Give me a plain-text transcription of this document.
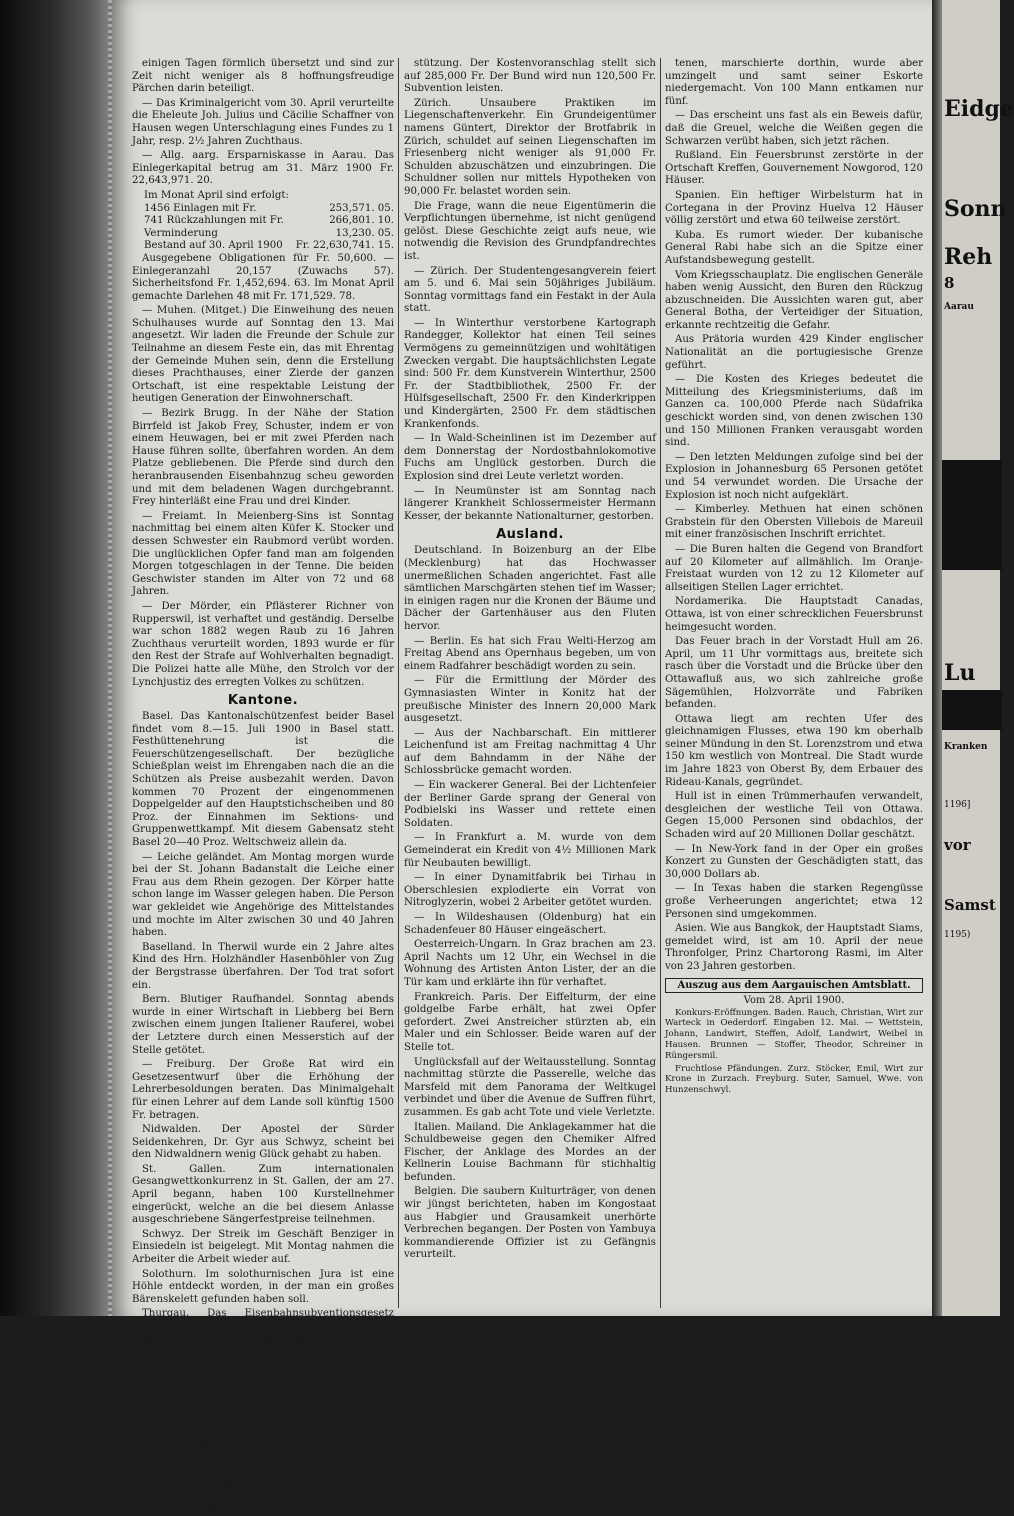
einigen Tagen förmlich übersetzt und sind zur Zeit nicht weniger als 8 hoffnungsfreudige Pärchen darin beteiligt.

— Das Kriminalgericht vom 30. April verurteilte die Eheleute Joh. Julius und Cäcilie Schaffner von Hausen wegen Unterschlagung eines Fundes zu 1 Jahr, resp. 2½ Jahren Zuchthaus.

— Allg. aarg. Ersparniskasse in Aarau. Das Einlegerkapital betrug am 31. März 1900 Fr. 22,643,971. 20.

Im Monat April sind erfolgt:
1456 Einlagen mit Fr.	253,571. 05.
741 Rückzahlungen mit Fr.	266,801. 10.
Verminderung	13,230. 05.
Bestand auf 30. April 1900 Fr. 22,630,741. 15.

Ausgegebene Obligationen für Fr. 50,600. — Einlegeranzahl 20,157 (Zuwachs 57). Sicherheitsfond Fr. 1,452,694. 63. Im Monat April gemachte Darlehen 48 mit Fr. 171,529. 78.

— Muhen. (Mitget.) Die Einweihung des neuen Schulhauses wurde auf Sonntag den 13. Mai angesetzt. Wir laden die Freunde der Schule zur Teilnahme an diesem Feste ein, das mit Ehrentag der Gemeinde Muhen sein, denn die Erstellung dieses Prachthauses, einer Zierde der ganzen Ortschaft, ist eine respektable Leistung der heutigen Generation der Einwohnerschaft.

— Bezirk Brugg. In der Nähe der Station Birrfeld ist Jakob Frey, Schuster, indem er von einem Heuwagen, bei er mit zwei Pferden nach Hause führen sollte, überfahren worden. An dem Platze gebliebenen. Die Pferde sind durch den heranbrausenden Eisenbahnzug scheu geworden und mit dem beladenen Wagen durchgebrannt. Frey hinterläßt eine Frau und drei Kinder.

— Freiamt. In Meienberg-Sins ist Sonntag nachmittag bei einem alten Küfer K. Stocker und dessen Schwester ein Raubmord verübt worden. Die unglücklichen Opfer fand man am folgenden Morgen totgeschlagen in der Tenne. Die beiden Geschwister standen im Alter von 72 und 68 Jahren.

— Der Mörder, ein Pflästerer Richner von Rupperswil, ist verhaftet und geständig. Derselbe war schon 1882 wegen Raub zu 16 Jahren Zuchthaus verurteilt worden, 1893 wurde er für den Rest der Strafe auf Wohlverhalten begnadigt. Die Polizei hatte alle Mühe, den Strolch vor der Lynchjustiz des erregten Volkes zu schützen.

Kantone.

Basel. Das Kantonalschützenfest beider Basel findet vom 8.—15. Juli 1900 in Basel statt. Festhüttenehrung ist die Feuerschützengesellschaft. Der bezügliche Schießplan weist im Ehrengaben nach die an die Schützen als Preise ausbezahlt werden. Davon kommen 70 Prozent der eingenommenen Doppelgelder auf den Hauptstichscheiben und 80 Proz. der Einnahmen im Sektions- und Gruppenwettkampf. Mit diesem Gabensatz steht Basel 20—40 Proz. Weltschweiz allein da.

— Leiche geländet. Am Montag morgen wurde bei der St. Johann Badanstalt die Leiche einer Frau aus dem Rhein gezogen. Der Körper hatte schon lange im Wasser gelegen haben. Die Person war gekleidet wie Angehörige des Mittelstandes und mochte im Alter zwischen 30 und 40 Jahren haben.

Baselland. In Therwil wurde ein 2 Jahre altes Kind des Hrn. Holzhändler Hasenböhler von Zug der Bergstrasse überfahren. Der Tod trat sofort ein.

Bern. Blutiger Raufhandel. Sonntag abends wurde in einer Wirtschaft in Liebberg bei Bern zwischen einem jungen Italiener Rauferei, wobei der Letztere durch einen Messerstich auf der Stelle getötet.

— Freiburg. Der Große Rat wird ein Gesetzesentwurf über die Erhöhung der Lehrerbesoldungen beraten. Das Minimalgehalt für einen Lehrer auf dem Lande soll künftig 1500 Fr. betragen.

Nidwalden. Der Apostel der Sürder Seidenkehren, Dr. Gyr aus Schwyz, scheint bei den Nidwaldnern wenig Glück gehabt zu haben.

St. Gallen. Zum internationalen Gesangwettkonkurrenz in St. Gallen, der am 27. April begann, haben 100 Kurstellnehmer eingerückt, welche an die bei diesem Anlasse ausgeschriebene Sängerfestpreise teilnehmen.

Schwyz. Der Streik im Geschäft Benziger in Einsiedeln ist beigelegt. Mit Montag nahmen die Arbeiter die Arbeit wieder auf.

Solothurn. Im solothurnischen Jura ist eine Höhle entdeckt worden, in der man ein großes Bärenskelett gefunden haben soll.

Thurgau. Das Eisenbahnsubventionsgesetz wurde mit 7441 gegen 5697 Stimmen verworfen.

Waadt. Wenn es Forellen wären! In Moudon wurden letzter Tage an einem einzigen Nachmittage über 1000 Zentner Wellen gefangen, und zwar sowohl mit dem Netz, als mit den bloßen Händen.

— Das Spiel mit dem Schießgewehr hat wieder ein Opfer gefordert. In Chateau d'Oex gab ein 14jähriger Knabe, der mit einem Revolver spielte, einen Schuß ab, der ein Mädchen ins Gesicht traf.

Wallis. Das Dorf Turtmann wurde von Hochwasser in bedrohliche Gefahr gebracht. Die Gemeinde Turtmann beschloß sofort die Korrektion des Baches und Errichtung eines Dammes in Angriff zu nehmen.

stützung. Der Kostenvoranschlag stellt sich auf 285,000 Fr. Der Bund wird nun 120,500 Fr. Subvention leisten.

Zürich. Unsaubere Praktiken im Liegenschaftenverkehr. Ein Grundeigentümer namens Güntert, Direktor der Brotfabrik in Zürich, schuldet auf seinen Liegenschaften im Friesenberg nicht weniger als 91,000 Fr. Schulden abzuschätzen und einzubringen. Die Schuldner sollen nur mittels Hypotheken von 90,000 Fr. belastet worden sein.

Die Frage, wann die neue Eigentümerin die Verpflichtungen übernehme, ist nicht genügend gelöst. Diese Geschichte zeigt aufs neue, wie notwendig die Revision des Grundpfandrechtes ist.

— Zürich. Der Studentengesangverein feiert am 5. und 6. Mai sein 50jähriges Jubiläum. Sonntag vormittags fand ein Festakt in der Aula statt.

— In Winterthur verstorbene Kartograph Randegger, Kollektor hat einen Teil seines Vermögens zu gemeinnützigen und wohltätigen Zwecken vergabt. Die hauptsächlichsten Legate sind: 500 Fr. dem Kunstverein Winterthur, 2500 Fr. der Stadtbibliothek, 2500 Fr. der Hülfsgesellschaft, 2500 Fr. den Kinderkrippen und Kindergärten, 2500 Fr. dem städtischen Krankenfonds.

— In Wald-Scheinlinen ist im Dezember auf dem Donnerstag der Nordostbahnlokomotive Fuchs am Unglück gestorben. Durch die Explosion sind drei Leute verletzt worden.

— In Neumünster ist am Sonntag nach längerer Krankheit Schlossermeister Hermann Kesser, der bekannte Nationalturner, gestorben.

Ausland.

Deutschland. In Boizenburg an der Elbe (Mecklenburg) hat das Hochwasser unermeßlichen Schaden angerichtet. Fast alle sämtlichen Marschgärten stehen tief im Wasser; in einigen ragen nur die Kronen der Bäume und Dächer der Gartenhäuser aus den Fluten hervor.

— Berlin. Es hat sich Frau Welti-Herzog am Freitag Abend ans Opernhaus begeben, um von einem Radfahrer beschädigt worden zu sein.

— Für die Ermittlung der Mörder des Gymnasiasten Winter in Konitz hat der preußische Minister des Innern 20,000 Mark ausgesetzt.

— Aus der Nachbarschaft. Ein mittlerer Leichenfund ist am Freitag nachmittag 4 Uhr auf dem Bahndamm in der Nähe der Schlossbrücke gemacht worden.

— Ein wackerer General. Bei der Lichtenfeier der Berliner Garde sprang der General von Podbielski ins Wasser und rettete einen Soldaten.

— In Frankfurt a. M. wurde von dem Gemeinderat ein Kredit von 4½ Millionen Mark für Neubauten bewilligt.

— In einer Dynamitfabrik bei Tirhau in Oberschlesien explodierte ein Vorrat von Nitroglyzerin, wobei 2 Arbeiter getötet wurden.

— In Wildeshausen (Oldenburg) hat ein Schadenfeuer 80 Häuser eingeäschert.

Oesterreich-Ungarn. In Graz brachen am 23. April Nachts um 12 Uhr, ein Wechsel in die Wohnung des Artisten Anton Lister, der an die Tür kam und erklärte ihn für verhaftet.

Frankreich. Paris. Der Eiffelturm, der eine goldgelbe Farbe erhält, hat zwei Opfer gefordert. Zwei Anstreicher stürzten ab, ein Maler und ein Schlosser. Beide waren auf der Stelle tot.

Unglücksfall auf der Weltausstellung. Sonntag nachmittag stürzte die Passerelle, welche das Marsfeld mit dem Panorama der Weltkugel verbindet und über die Avenue de Suffren führt, zusammen. Es gab acht Tote und viele Verletzte.

Italien. Mailand. Die Anklagekammer hat die Schuldbeweise gegen den Chemiker Alfred Fischer, der Anklage des Mordes an der Kellnerin Louise Bachmann für stichhaltig befunden.

Belgien. Die saubern Kulturträger, von denen wir jüngst berichteten, haben im Kongostaat aus Habgier und Grausamkeit unerhörte Verbrechen begangen. Der Posten von Yambuya kommandierende Offizier ist zu Gefängnis verurteilt.

tenen, marschierte dorthin, wurde aber umzingelt und samt seiner Eskorte niedergemacht. Von 100 Mann entkamen nur fünf.

— Das erscheint uns fast als ein Beweis dafür, daß die Greuel, welche die Weißen gegen die Schwarzen verübt haben, sich jetzt rächen.

Rußland. Ein Feuersbrunst zerstörte in der Ortschaft Kreffen, Gouvernement Nowgorod, 120 Häuser.

Spanien. Ein heftiger Wirbelsturm hat in Cortegana in der Provinz Huelva 12 Häuser völlig zerstört und etwa 60 teilweise zerstört.

Kuba. Es rumort wieder. Der kubanische General Rabi habe sich an die Spitze einer Aufstandsbewegung gestellt.

Vom Kriegsschauplatz. Die englischen Generäle haben wenig Aussicht, den Buren den Rückzug abzuschneiden. Die Aussichten waren gut, aber General Botha, der Verteidiger der Situation, erkannte rechtzeitig die Gefahr.

Aus Prätoria wurden 429 Kinder englischer Nationalität an die portugiesische Grenze geführt.

— Die Kosten des Krieges bedeutet die Mitteilung des Kriegsministeriums, daß im Ganzen ca. 100,000 Pferde nach Südafrika geschickt worden sind, von denen zwischen 130 und 150 Millionen Franken verausgabt worden sind.

— Den letzten Meldungen zufolge sind bei der Explosion in Johannesburg 65 Personen getötet und 54 verwundet worden. Die Ursache der Explosion ist noch nicht aufgeklärt.

— Kimberley. Methuen hat einen schönen Grabstein für den Obersten Villebois de Mareuil mit einer französischen Inschrift errichtet.

— Die Buren halten die Gegend von Brandfort auf 20 Kilometer auf allmählich. Im Oranje-Freistaat wurden von 12 zu 12 Kilometer auf allseitigen Stellen Lager errichtet.

Nordamerika. Die Hauptstadt Canadas, Ottawa, ist von einer schrecklichen Feuersbrunst heimgesucht worden.

Das Feuer brach in der Vorstadt Hull am 26. April, um 11 Uhr vormittags aus, breitete sich rasch über die Vorstadt und die Brücke über den Ottawafluß aus, wo sich zahlreiche große Sägemühlen, Holzvorräte und Fabriken befanden.

Ottawa liegt am rechten Ufer des gleichnamigen Flusses, etwa 190 km oberhalb seiner Mündung in den St. Lorenzstrom und etwa 150 km westlich von Montreal. Die Stadt wurde im Jahre 1823 von Oberst By, dem Erbauer des Rideau-Kanals, gegründet.

Hull ist in einen Trümmerhaufen verwandelt, desgleichen der westliche Teil von Ottawa. Gegen 15,000 Personen sind obdachlos, der Schaden wird auf 20 Millionen Dollar geschätzt.

— In New-York fand in der Oper ein großes Konzert zu Gunsten der Geschädigten statt, das 30,000 Dollars ab.

— In Texas haben die starken Regengüsse große Verheerungen angerichtet; etwa 12 Personen sind umgekommen.

Asien. Wie aus Bangkok, der Hauptstadt Siams, gemeldet wird, ist am 10. April der neue Thronfolger, Prinz Chartorong Rasmi, im Alter von 23 Jahren gestorben.

Auszug aus dem Aargauischen Amtsblatt.
Vom 28. April 1900.

Konkurs-Eröffnungen. Baden. Rauch, Christian, Wirt zur Warteck in Oederdorf. Eingaben 12. Mai. — Wettstein, Johann, Landwirt, Steffen, Adolf, Landwirt, Weibel in Hausen. Brunnen — Stoffer, Theodor, Schreiner in Rüngersmil.

Fruchtlose Pfändungen. Zurz. Stöcker, Emil, Wirt zur Krone in Zurzach. Freyburg. Suter, Samuel, Wwe. von Hunzenschwyl.

Eidge
Sonn
Reh
8
Aarau
Lu
Kranken
1196]
vor
Samst
1195)
